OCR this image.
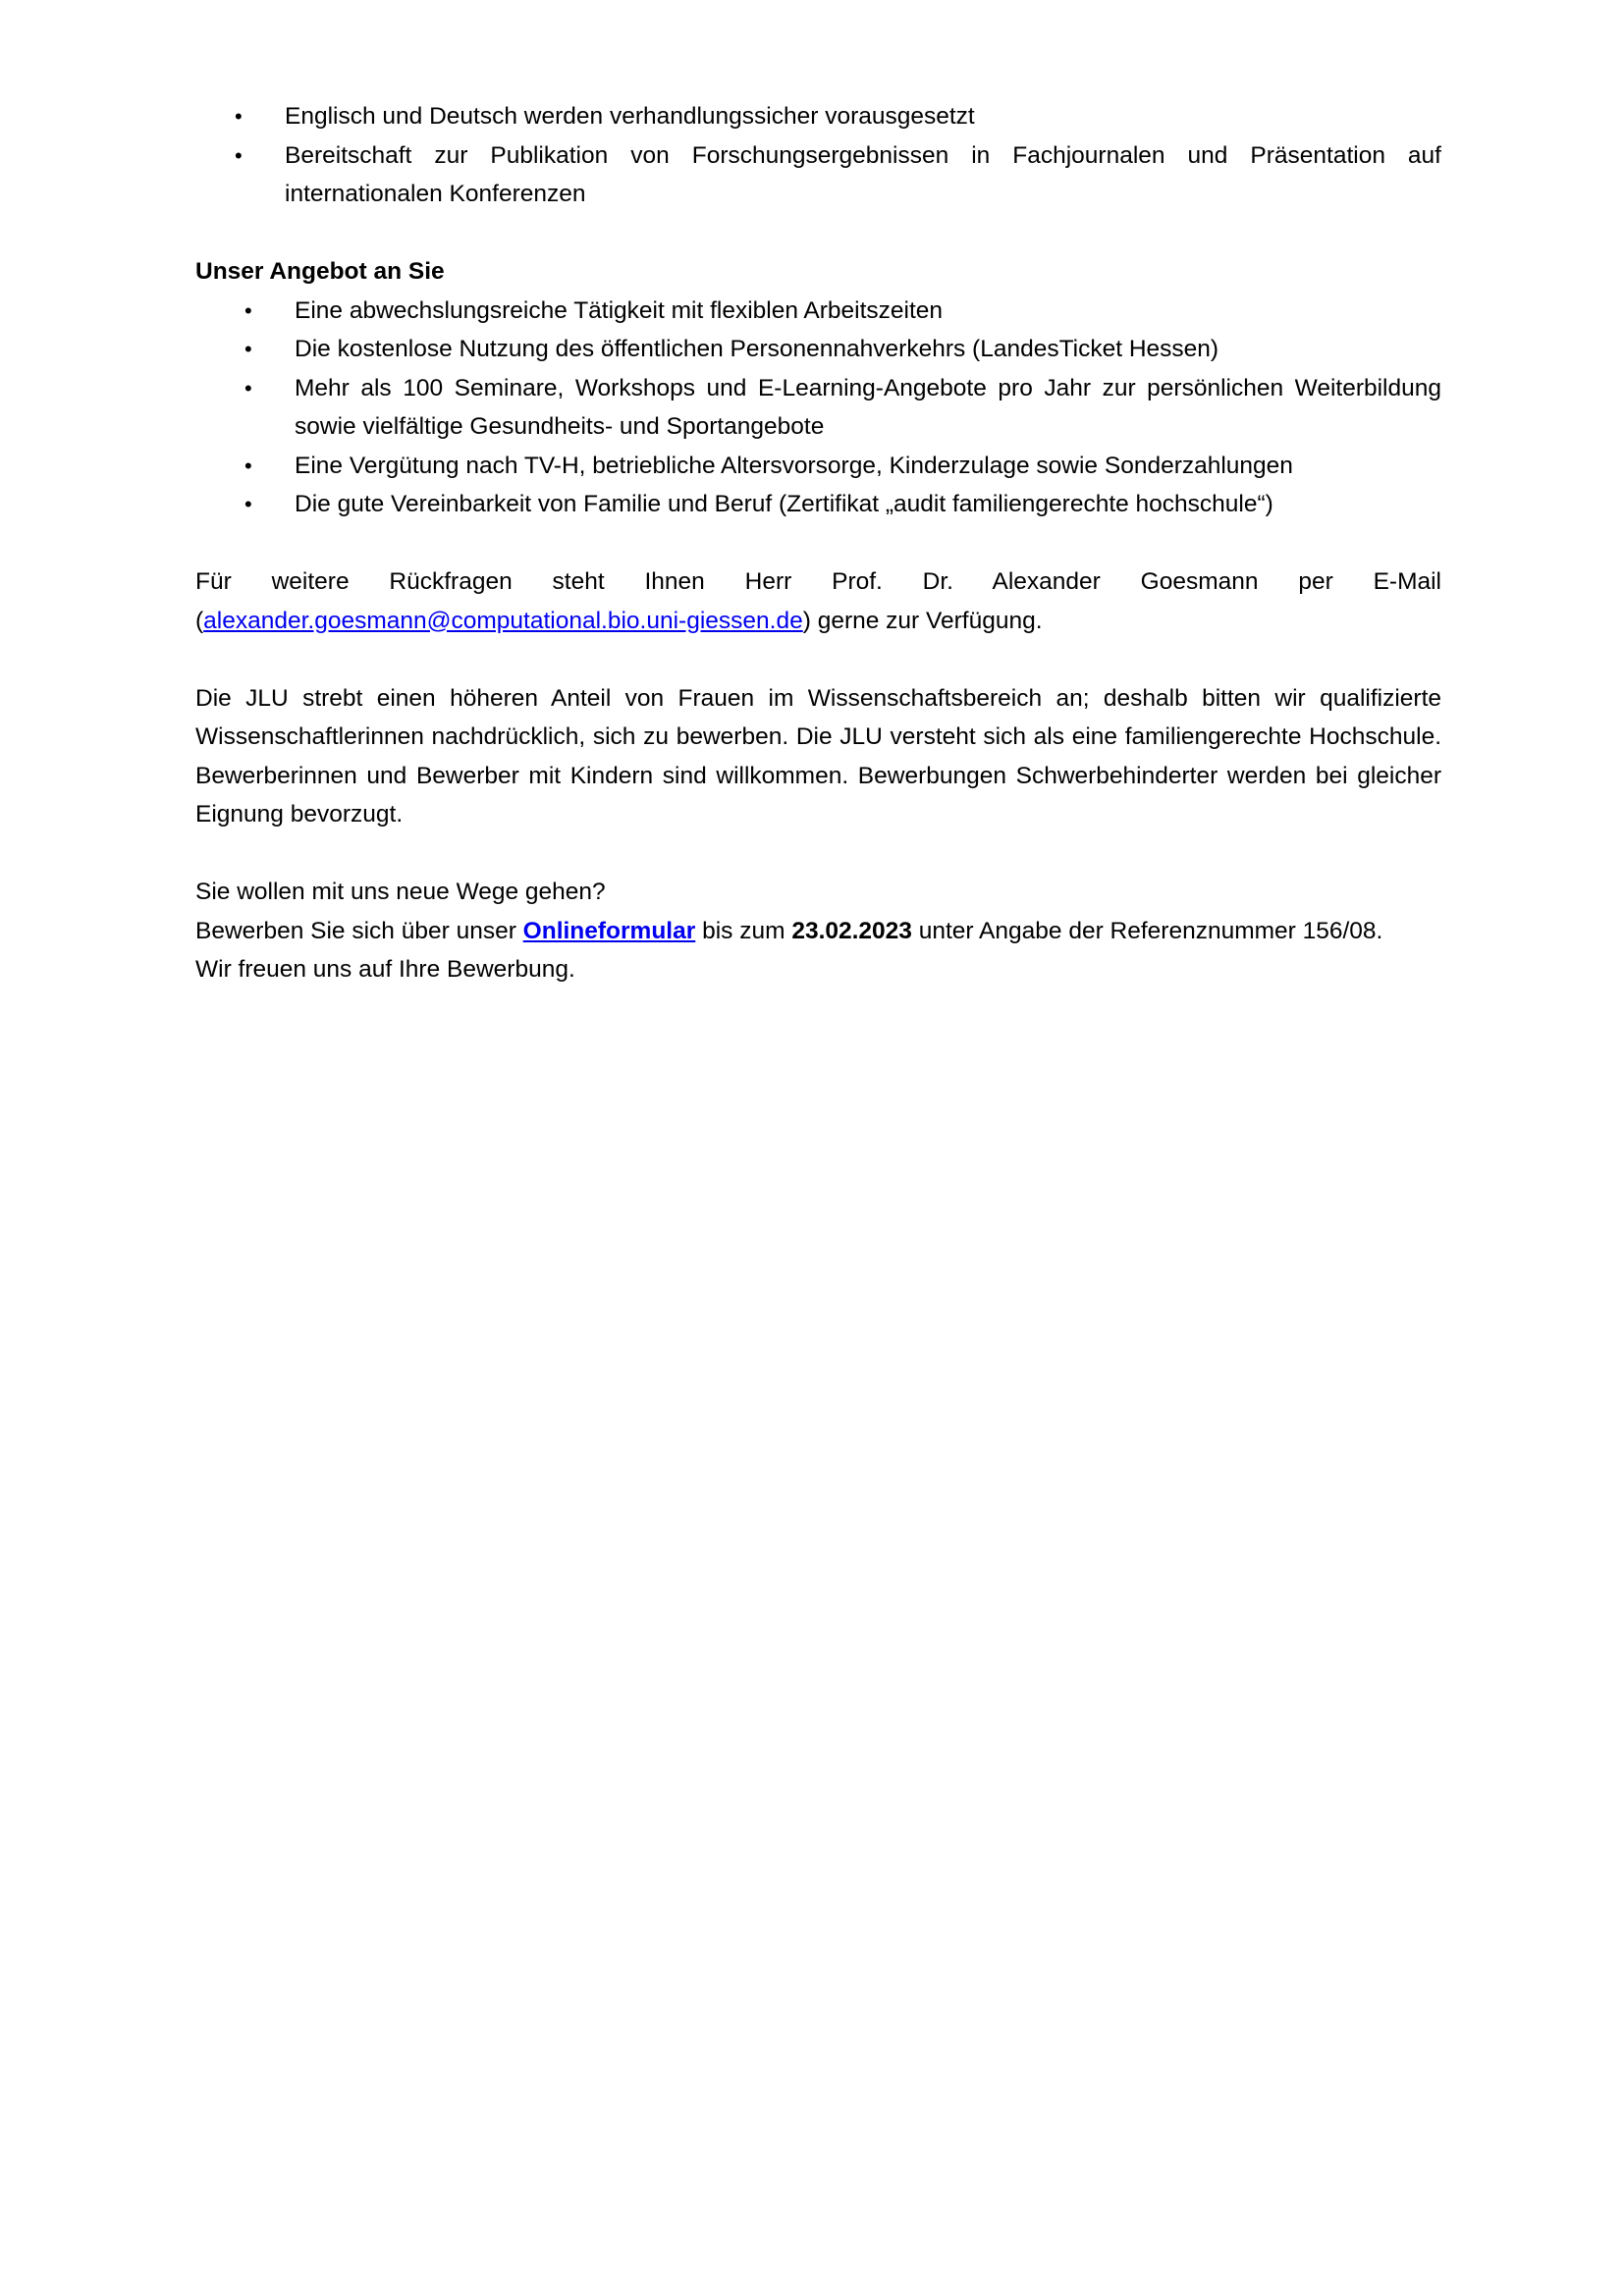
• Englisch und Deutsch werden verhandlungssicher vorausgesetzt
• Bereitschaft zur Publikation von Forschungsergebnissen in Fachjournalen und Präsentation auf internationalen Konferenzen
Unser Angebot an Sie
• Eine abwechslungsreiche Tätigkeit mit flexiblen Arbeitszeiten
• Die kostenlose Nutzung des öffentlichen Personennahverkehrs (LandesTicket Hessen)
• Mehr als 100 Seminare, Workshops und E-Learning-Angebote pro Jahr zur persönlichen Weiterbildung sowie vielfältige Gesundheits- und Sportangebote
• Eine Vergütung nach TV-H, betriebliche Altersvorsorge, Kinderzulage sowie Sonderzahlungen
• Die gute Vereinbarkeit von Familie und Beruf (Zertifikat „audit familiengerechte hochschule“)

Für weitere Rückfragen steht Ihnen Herr Prof. Dr. Alexander Goesmann per E-Mail (alexander.goesmann@computational.bio.uni-giessen.de) gerne zur Verfügung.

Die JLU strebt einen höheren Anteil von Frauen im Wissenschaftsbereich an; deshalb bitten wir qualifizierte Wissenschaftlerinnen nachdrücklich, sich zu bewerben. Die JLU versteht sich als eine familiengerechte Hochschule. Bewerberinnen und Bewerber mit Kindern sind willkommen. Bewerbungen Schwerbehinderter werden bei gleicher Eignung bevorzugt.

Sie wollen mit uns neue Wege gehen?

Bewerben Sie sich über unser Onlineformular bis zum 23.02.2023 unter Angabe der Referenznummer 156/08.

Wir freuen uns auf Ihre Bewerbung.
